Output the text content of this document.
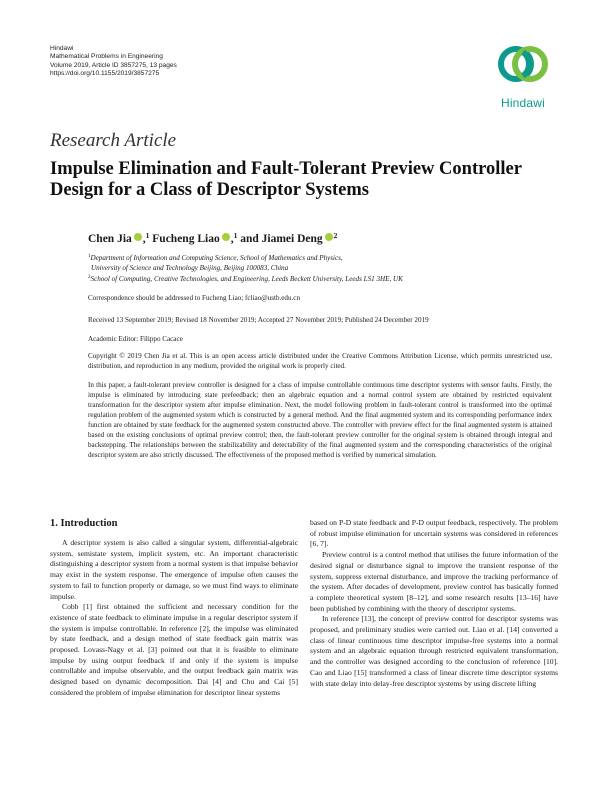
Hindawi
Mathematical Problems in Engineering
Volume 2019, Article ID 3857275, 13 pages
https://doi.org/10.1155/2019/3857275
Hindawi
Research Article
Impulse Elimination and Fault-Tolerant Preview Controller Design for a Class of Descriptor Systems
Chen Jia ,$^1$ Fucheng Liao ,$^1$ and Jiamei Deng $^2$
$^1$Department of Information and Computing Science, School of Mathematics and Physics,
University of Science and Technology Beijing, Beijing 100083, China
$^2$School of Computing, Creative Technologies, and Engineering, Leeds Beckett University, Leeds LS1 3HE, UK
Correspondence should be addressed to Fucheng Liao; fcliao@ustb.edu.cn
Received 13 September 2019; Revised 18 November 2019; Accepted 27 November 2019; Published 24 December 2019
Academic Editor: Filippo Cacace

Copyright © 2019 Chen Jia et al. This is an open access article distributed under the Creative Commons Attribution License, which permits unrestricted use, distribution, and reproduction in any medium, provided the original work is properly cited.

In this paper, a fault-tolerant preview controller is designed for a class of impulse controllable continuous time descriptor systems with sensor faults. Firstly, the impulse is eliminated by introducing state prefeedback; then an algebraic equation and a normal control system are obtained by restricted equivalent transformation for the descriptor system after impulse elimination. Next, the model following problem in fault-tolerant control is transformed into the optimal regulation problem of the augmented system which is constructed by a general method. And the final augmented system and its corresponding performance index function are obtained by state feedback for the augmented system constructed above. The controller with preview effect for the final augmented system is attained based on the existing conclusions of optimal preview control; then, the fault-tolerant preview controller for the original system is obtained through integral and backstepping. The relationships between the stabilizability and detectability of the final augmented system and the corresponding characteristics of the original descriptor system are also strictly discussed. The effectiveness of the proposed method is verified by numerical simulation.

1. Introduction

A descriptor system is also called a singular system, differential-algebraic system, semistate system, implicit system, etc. An important characteristic distinguishing a descriptor system from a normal system is that impulse behavior may exist in the system response. The emergence of impulse often causes the system to fail to function properly or damage, so we must find ways to eliminate impulse.

Cobb [1] first obtained the sufficient and necessary condition for the existence of state feedback to eliminate impulse in a regular descriptor system if the system is impulse controllable. In reference [2], the impulse was eliminated by state feedback, and a design method of state feedback gain matrix was proposed. Lovass-Nagy et al. [3] pointed out that it is feasible to eliminate impulse by using output feedback if and only if the system is impulse controllable and impulse observable, and the output feedback gain matrix was designed based on dynamic decomposition. Dai [4] and Chu and Cai [5] considered the problem of impulse elimination for descriptor linear systems

based on P-D state feedback and P-D output feedback, respectively. The problem of robust impulse elimination for uncertain systems was considered in references [6, 7].

Preview control is a control method that utilises the future information of the desired signal or disturbance signal to improve the transient response of the system, suppress external disturbance, and improve the tracking performance of the system. After decades of development, preview control has basically formed a complete theoretical system [8–12], and some research results [13–16] have been published by combining with the theory of descriptor systems.

In reference [13], the concept of preview control for descriptor systems was proposed, and preliminary studies were carried out. Liao et al. [14] converted a class of linear continuous time descriptor impulse-free systems into a normal system and an algebraic equation through restricted equivalent transformation, and the controller was designed according to the conclusion of reference [10]. Cao and Liao [15] transformed a class of linear discrete time descriptor systems with state delay into delay-free descriptor systems by using discrete lifting
